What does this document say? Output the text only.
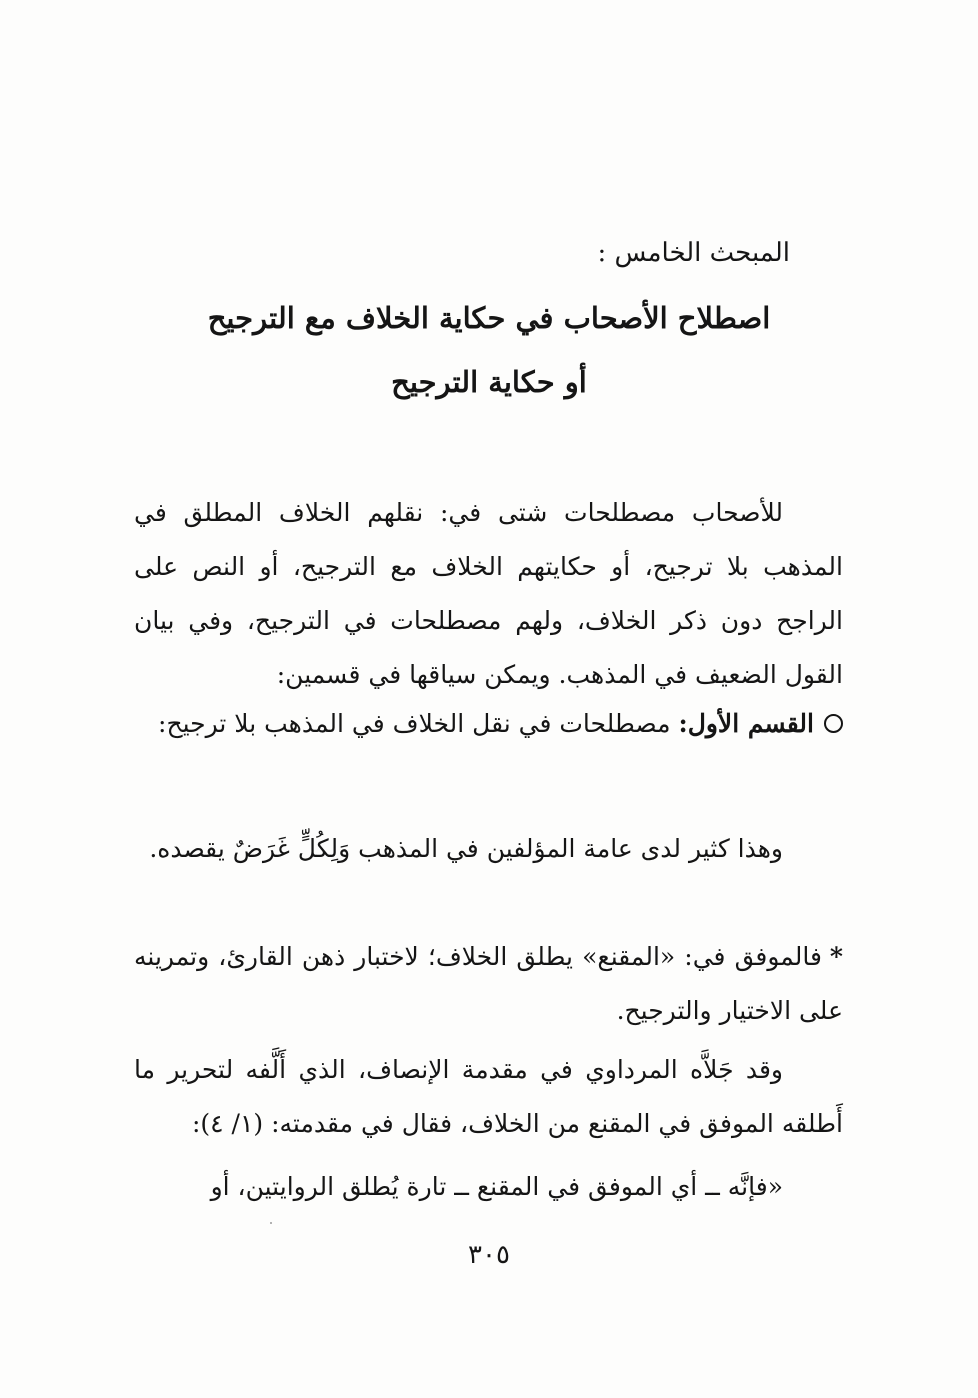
المبحث الخامس :
اصطلاح الأصحاب في حكاية الخلاف مع الترجيح
أو حكاية الترجيح
للأصحاب مصطلحات شتى في: نقلهم الخلاف المطلق في المذهب بلا ترجيح، أو حكايتهم الخلاف مع الترجيح، أو النص على الراجح دون ذكر الخلاف، ولهم مصطلحات في الترجيح، وفي بيان القول الضعيف في المذهب. ويمكن سياقها في قسمين:
القسم الأول: مصطلحات في نقل الخلاف في المذهب بلا ترجيح:
وهذا كثير لدى عامة المؤلفين في المذهب وَلِكُلٍّ غَرَضٌ يقصده.
*فالموفق في: «المقنع» يطلق الخلاف؛ لاختبار ذهن القارئ، وتمرينه على الاختيار والترجيح.
وقد جَلاَّه المرداوي في مقدمة الإنصاف، الذي أَلَّفه لتحرير ما أَطلقه الموفق في المقنع من الخلاف، فقال في مقدمته: (١/ ٤):
«فإنَّه ــ أي الموفق في المقنع ــ تارة يُطلق الروايتين، أو
٣٠٥
